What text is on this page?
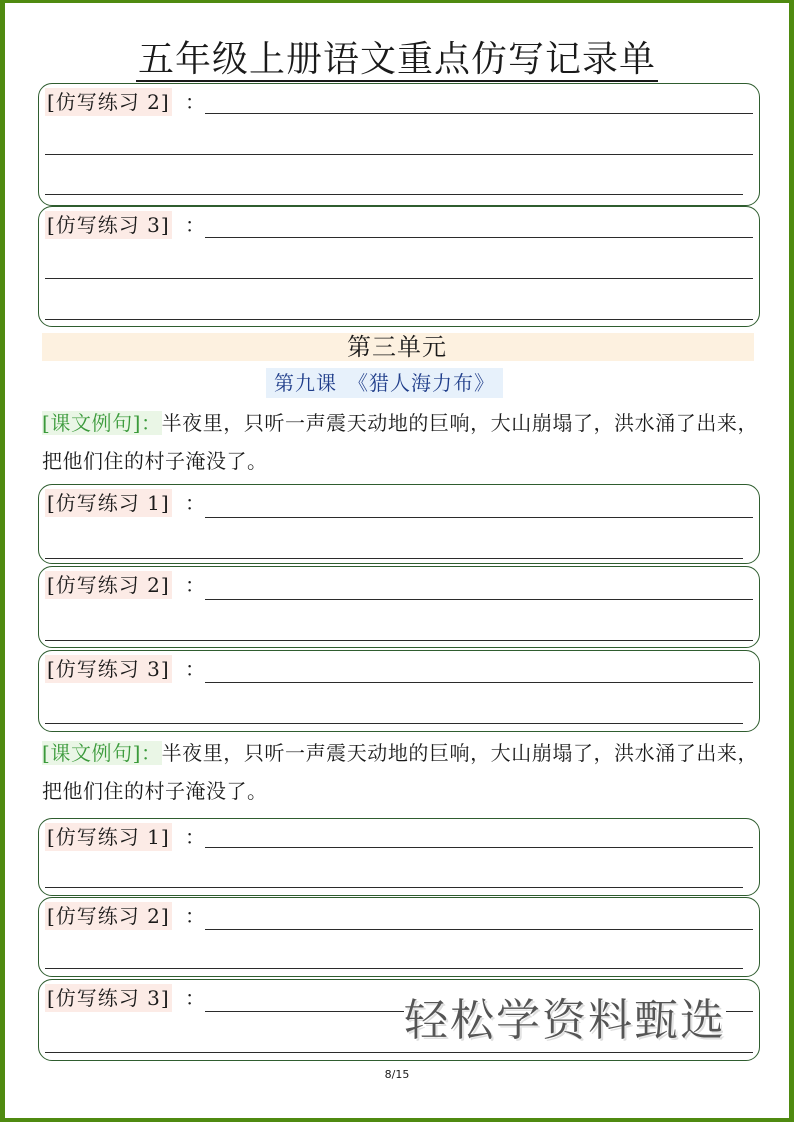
五年级上册语文重点仿写记录单
[仿写练习 2] ：
[仿写练习 3] ：
第三单元
第九课　《猎人海力布》
[课文例句]：半夜里，只听一声震天动地的巨响，大山崩塌了，洪水涌了出来，把他们住的村子淹没了。
[仿写练习 1] ：
[仿写练习 2] ：
[仿写练习 3] ：
[课文例句]：半夜里，只听一声震天动地的巨响，大山崩塌了，洪水涌了出来，把他们住的村子淹没了。
[仿写练习 1] ：
[仿写练习 2] ：
[仿写练习 3] ：	轻松学资料甄选
8/15
